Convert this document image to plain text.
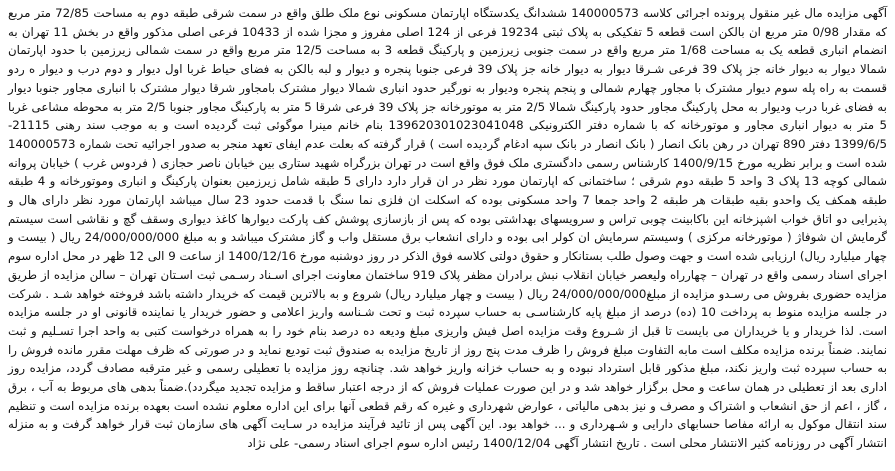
آگهی مزایده مال غیر منقول پرونده اجرائی کلاسه 140000573 ششدانگ یکدستگاه اپارتمان مسکونی نوع ملک طلق واقع در سمت شرقی طبقه دوم به مساحت 72/85 متر مربع که مقدار 0/98 متر مربع ان بالکن است قطعه 5 تفکیکی به پلاک ثبتی 19234 فرعی از 124 اصلی مفروز و مجزا شده از 10433 فرعی اصلی مذکور واقع در بخش 11 تهران به انضمام انباری قطعه یک به مساحت 1/68 متر مربع واقع در سمت جنوبی زیرزمین و پارکینگ قطعه 3 به مساحت 12/5 متر مربع واقع در سمت شمالی زیرزمین با حدود اپارتمان شمالا دیوار به دیوار خانه جز پلاک 39 فرعی شـرقا دیوار به دیوار خانه جز پلاک 39 فرعی جنوبا پنجره و دیوار و لبه بالکن به فضای حیاط غربا اول دیوار و دوم درب و دیوار ه ردو قسمت به راه پله سوم دیوار مشترک با مجاور چهارم شمالی و پنجم پنجره ودیوار به نورگیر حدود انباری شمالا دیوار مشترک بامجاور شرقا دیوار مشترک با انباری مجاور جنوبا دیوار به فضای غربا درب ودیوار به محل پارکینگ مجاور حدود پارکینگ شمالا 2/5 متر به موتورخانه جز پلاک 39 فرعی شرقا 5 متر به پارکینگ مجاور جنوبا 2/5 متر به محوطه مشاعی غربا 5 متر به دیوار انباری مجاور و موتورخانه که با شماره دفتر الکترونیکی 139620301023041048 بنام خانم مینرا موگوئی ثبت گردیده است و به موجب سند رهنی 21115-1399/6/5 دفتر 890 تهران در رهن بانک انصار ( بانک انصار در بانک سپه ادغام گردیده است ) قرار گرفته که بعلت عدم ایفای تعهد منجر به صدور اجرائیه تحت شماره 140000573 شده است و برابر نظریه مورخ 1400/9/15 کارشناس رسمی دادگستری ملک فوق واقع است در تهران بزرگراه شهید ستاری بین خیابان ناصر حجازی ( فردوس غرب ) خیابان پروانه شمالی کوچه 13 پلاک 3 واحد 5 طبقه دوم شرقی ؛ ساختمانی که اپارتمان مورد نظر در ان قرار دارد دارای 5 طبقه شامل زیرزمین بعنوان پارکینگ و انباری وموتورخانه و 4 طبقه طبقه همکف یک واحدو بقیه طبقات هر طبقه 2 واحد جمعا 7 واحد مسکونی بوده که اسکلت ان فلزی نما سنگ با قدمت حدود 23 سال میباشد اپارتمان مورد نظر دارای هال و پذیرایی دو اتاق خواب اشپزخانه این باکابینت چوبی تراس و سرویسهای بهداشتی بوده که پس از بازسازی پوشش کف پارکت دیوارها کاغذ دیواری وسقف گچ و نقاشی است سیستم گرمایش ان شوفاژ ( موتورخانه مرکزی ) وسیستم سرمایش ان کولر ابی بوده و دارای انشعاب برق مستقل واب و گاز مشترک میباشد و به مبلغ 24/000/000/000 ریال ( بیست و چهار میلیارد ریال) ارزیابی شده است و جهت وصول طلب بستانکار و حقوق دولتی کلاسه فوق الذکر در روز دوشنبه مورخ 1400/12/16 از ساعت 9 الی 12 ظهر در محل اداره سوم اجرای اسناد رسمی واقع در تهران – چهارراه ولیعصر خیابان انقلاب نبش برادران مظفر پلاک 919 ساختمان معاونت اجرای اسـناد رسـمی ثبت اسـتان تهران – سالن مزایده از طریق مزایده حضوری بفروش می رسـدو مزایده از مبلغ24/000/000/000 ریال ( بیست و چهار میلیارد ریال) شروع و به بالاترین قیمت که خریدار داشته باشد فروخته خواهد شـد . شرکت در جلسه مزایده منوط به پرداخت 10 (ده) درصد از مبلغ پایه کارشناسـی به حساب سپرده ثبت و تحت شـناسه واریز اعلامی و حضور خریدار یا نماینده قانونی او در جلسه مزایده است. لذا خریدار و یا خریداران می بایست تا قبل از شـروع وقت مزایده اصل فیش واریزی مبلغ ودیعه ده درصد بنام خود را به همراه درخواست کتبی به واحد اجرا تسـلیم و ثبت نمایند. ضمناً برنده مزایده مکلف است مابه التفاوت مبلغ فروش را ظرف مدت پنج روز از تاریخ مزایده به صندوق ثبت تودیع نماید و در صورتی که ظرف مهلت مقرر مانده فروش را به حساب سپرده ثبت واریز نکند، مبلغ مذکور قابل استرداد نبوده و به حساب خزانه واریز خواهد شد. چنانچه روز مزایده با تعطیلی رسمی و غیر مترقبه مصادف گردد، مزایده روز اداری بعد از تعطیلی در همان ساعت و محل برگزار خواهد شد و در این صورت عملیات فروش که از درجه اعتبار ساقط و مزایده تجدید میگردد).ضمناً بدهی های مربوط به آب ، برق ، گاز ، اعم از حق انشعاب و اشتراک و مصرف و نیز بدهی مالیاتی ، عوارض شهرداری و غیره که رقم قطعی آنها برای این اداره معلوم نشده است بعهده برنده مزایده است و تنظیم سند انتقال موکول به ارائه مفاصا حسابهای دارایی و شـهرداری و ... خواهد بود. این آگهی پس از تائید فرآیند مزایده در سـایت آگهی های سازمان ثبت قرار خواهد گرفت و به منزله انتشار آگهی در روزنامه کثیر الانتشار محلی است . تاریخ انتشار آگهی 1400/12/04 رئیس اداره سوم اجرای اسناد رسمی- علی نژاد
